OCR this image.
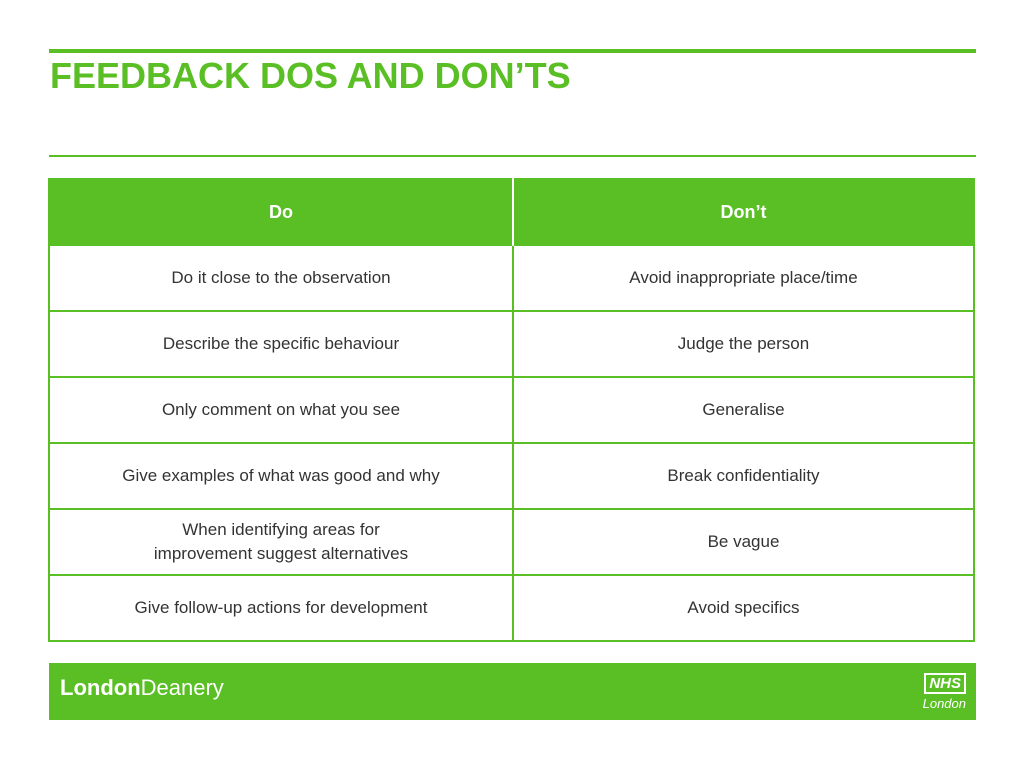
FEEDBACK DOS AND DON’TS
Do	Don’t
Do it close to the observation	Avoid inappropriate place/time
Describe the specific behaviour	Judge the person
Only comment on what you see	Generalise
Give examples of what was good and why	Break confidentiality
When identifying areas for improvement suggest alternatives	Be vague
Give follow-up actions for development	Avoid specifics
LondonDeanery	NHS
London
